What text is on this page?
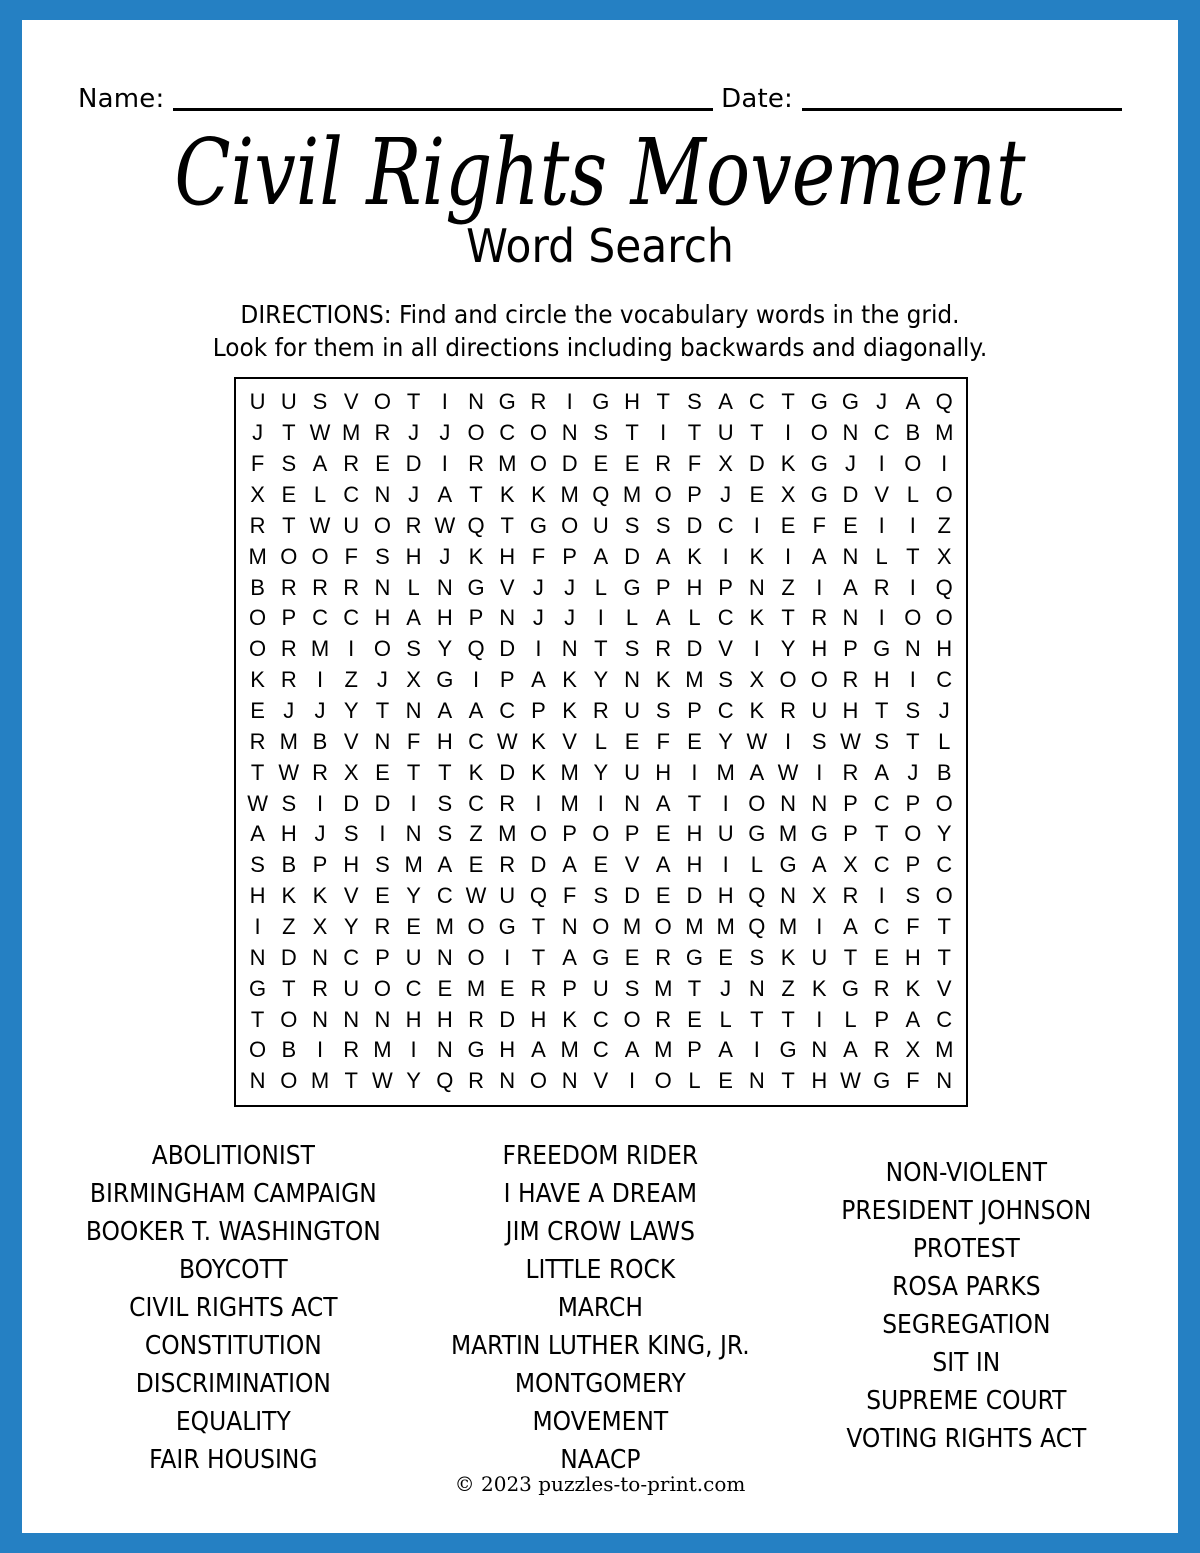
Name:	Date:
Civil Rights Movement
Word Search
DIRECTIONS: Find and circle the vocabulary words in the grid.
Look for them in all directions including backwards and diagonally.
U	U	S	V	O	T	I	N	G	R	I	G	H	T	S	A	C	T	G	G	J	A	Q
J	T	W	M	R	J	J	O	C	O	N	S	T	I	T	U	T	I	O	N	C	B	M
F	S	A	R	E	D	I	R	M	O	D	E	E	R	F	X	D	K	G	J	I	O	I
X	E	L	C	N	J	A	T	K	K	M	Q	M	O	P	J	E	X	G	D	V	L	O
R	T	W	U	O	R	W	Q	T	G	O	U	S	S	D	C	I	E	F	E	I	I	Z
M	O	O	F	S	H	J	K	H	F	P	A	D	A	K	I	K	I	A	N	L	T	X
B	R	R	R	N	L	N	G	V	J	J	L	G	P	H	P	N	Z	I	A	R	I	Q
O	P	C	C	H	A	H	P	N	J	J	I	L	A	L	C	K	T	R	N	I	O	O
O	R	M	I	O	S	Y	Q	D	I	N	T	S	R	D	V	I	Y	H	P	G	N	H
K	R	I	Z	J	X	G	I	P	A	K	Y	N	K	M	S	X	O	O	R	H	I	C
E	J	J	Y	T	N	A	A	C	P	K	R	U	S	P	C	K	R	U	H	T	S	J
R	M	B	V	N	F	H	C	W	K	V	L	E	F	E	Y	W	I	S	W	S	T	L
T	W	R	X	E	T	T	K	D	K	M	Y	U	H	I	M	A	W	I	R	A	J	B
W	S	I	D	D	I	S	C	R	I	M	I	N	A	T	I	O	N	N	P	C	P	O
A	H	J	S	I	N	S	Z	M	O	P	O	P	E	H	U	G	M	G	P	T	O	Y
S	B	P	H	S	M	A	E	R	D	A	E	V	A	H	I	L	G	A	X	C	P	C
H	K	K	V	E	Y	C	W	U	Q	F	S	D	E	D	H	Q	N	X	R	I	S	O
I	Z	X	Y	R	E	M	O	G	T	N	O	M	O	M	M	Q	M	I	A	C	F	T
N	D	N	C	P	U	N	O	I	T	A	G	E	R	G	E	S	K	U	T	E	H	T
G	T	R	U	O	C	E	M	E	R	P	U	S	M	T	J	N	Z	K	G	R	K	V
T	O	N	N	N	H	H	R	D	H	K	C	O	R	E	L	T	T	I	L	P	A	C
O	B	I	R	M	I	N	G	H	A	M	C	A	M	P	A	I	G	N	A	R	X	M
N	O	M	T	W	Y	Q	R	N	O	N	V	I	O	L	E	N	T	H	W	G	F	N
ABOLITIONIST
BIRMINGHAM CAMPAIGN
BOOKER T. WASHINGTON
BOYCOTT
CIVIL RIGHTS ACT
CONSTITUTION
DISCRIMINATION
EQUALITY
FAIR HOUSING
FREEDOM RIDER
I HAVE A DREAM
JIM CROW LAWS
LITTLE ROCK
MARCH
MARTIN LUTHER KING, JR.
MONTGOMERY
MOVEMENT
NAACP
NON-VIOLENT
PRESIDENT JOHNSON
PROTEST
ROSA PARKS
SEGREGATION
SIT IN
SUPREME COURT
VOTING RIGHTS ACT
© 2023 puzzles-to-print.com
